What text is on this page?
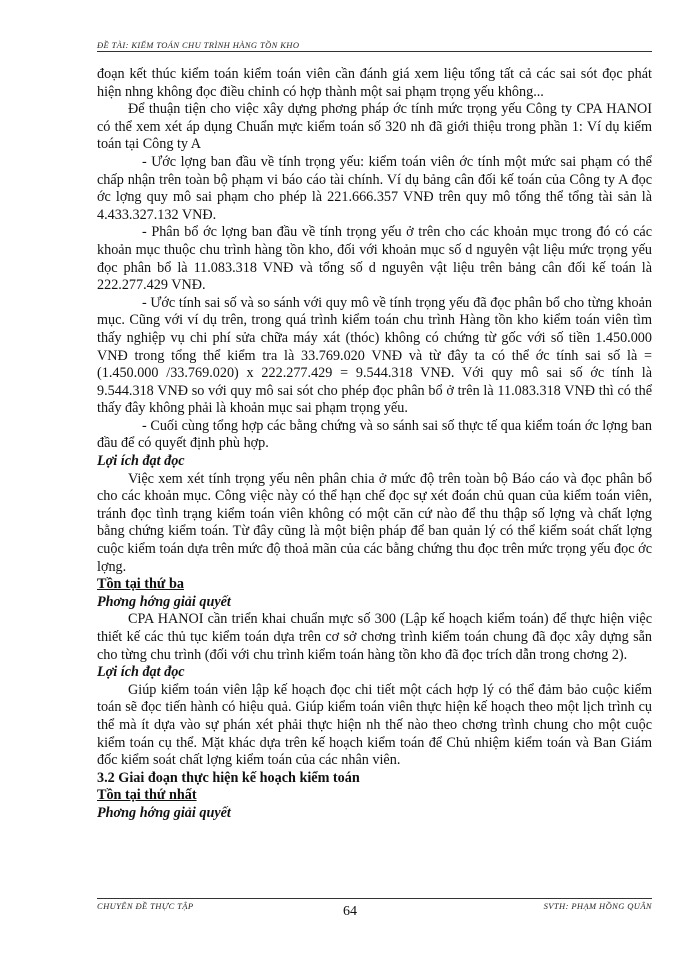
ĐỀ TÀI: KIỂM TOÁN CHU TRÌNH HÀNG TỒN KHO

đoạn kết thúc kiểm toán kiểm toán viên cần đánh giá xem liệu tổng tất cả các sai sót đọc phát hiện nhng không đọc điều chỉnh có hợp thành một sai phạm trọng yếu không...

Để thuận tiện cho việc xây dựng phơng pháp ớc tính mức trọng yếu Công ty CPA HANOI có thể xem xét áp dụng Chuẩn mực kiểm toán số 320 nh đã giới thiệu trong phần 1: Ví dụ kiểm toán tại Công ty A

- Ước lợng ban đầu về tính trọng yếu: kiểm toán viên ớc tính một mức sai phạm có thể chấp nhận trên toàn bộ phạm vi báo cáo tài chính. Ví dụ bảng cân đối kế toán của Công ty A đọc ớc lợng quy mô sai phạm cho phép là 221.666.357 VNĐ trên quy mô tổng thể tổng tài sản là 4.433.327.132 VNĐ.

- Phân bổ ớc lợng ban đầu về tính trọng yếu ở trên cho các khoản mục trong đó có các khoản mục thuộc chu trình hàng tồn kho, đối với khoản mục số d nguyên vật liệu mức trọng yếu đọc phân bổ là 11.083.318 VNĐ và tổng số d nguyên vật liệu trên bảng cân đối kế toán là 222.277.429 VNĐ.

- Ước tính sai số và so sánh với quy mô về tính trọng yếu đã đọc phân bổ cho từng khoản mục. Cũng với ví dụ trên, trong quá trình kiểm toán chu trình Hàng tồn kho kiểm toán viên tìm thấy nghiệp vụ chi phí sửa chữa máy xát (thóc) không có chứng từ gốc với số tiền 1.450.000 VNĐ trong tổng thể kiểm tra là 33.769.020 VNĐ và từ đây ta có thể ớc tính sai số là = (1.450.000 /33.769.020) x 222.277.429 = 9.544.318 VNĐ. Với quy mô sai số ớc tính là 9.544.318 VNĐ so với quy mô sai sót cho phép đọc phân bổ ở trên là 11.083.318 VNĐ thì có thể thấy đây không phải là khoản mục sai phạm trọng yếu.

- Cuối cùng tổng hợp các bằng chứng và so sánh sai số thực tế qua kiểm toán ớc lợng ban đầu để có quyết định phù hợp.

Lợi ích đạt đọc

Việc xem xét tính trọng yếu nên phân chia ở mức độ trên toàn bộ Báo cáo và đọc phân bổ cho các khoản mục. Công việc này có thể hạn chế đọc sự xét đoán chủ quan của kiểm toán viên, tránh đọc tình trạng kiểm toán viên không có một căn cứ nào để thu thập số lợng và chất lợng bằng chứng kiểm toán. Từ đây cũng là một biện pháp để ban quản lý có thể kiểm soát chất lợng cuộc kiểm toán dựa trên mức độ thoả mãn của các bằng chứng thu đọc trên mức trọng yếu đọc ớc lợng.

Tồn tại thứ ba

Phơng hớng giải quyết

CPA HANOI cần triển khai chuẩn mực số 300 (Lập kế hoạch kiểm toán) để thực hiện việc thiết kế các thủ tục kiểm toán dựa trên cơ sở chơng trình kiểm toán chung đã đọc xây dựng sẵn cho từng chu trình (đối với chu trình kiểm toán hàng tồn kho đã đọc trích dẫn trong chơng 2).

Lợi ích đạt đọc

Giúp kiểm toán viên lập kế hoạch đọc chi tiết một cách hợp lý có thể đảm bảo cuộc kiểm toán sẽ đọc tiến hành có hiệu quả. Giúp kiểm toán viên thực hiện kế hoạch theo một lịch trình cụ thể mà ít dựa vào sự phán xét phải thực hiện nh thế nào theo chơng trình chung cho một cuộc kiểm toán cụ thể. Mặt khác dựa trên kế hoạch kiểm toán để Chủ nhiệm kiểm toán và Ban Giám đốc kiểm soát chất lợng kiểm toán của các nhân viên.

3.2 Giai đoạn thực hiện kế hoạch kiểm toán

Tồn tại thứ nhất

Phơng hớng giải quyết

CHUYÊN ĐỀ THỰC TẬP	SVTH: PHẠM HỒNG QUÂN
64
